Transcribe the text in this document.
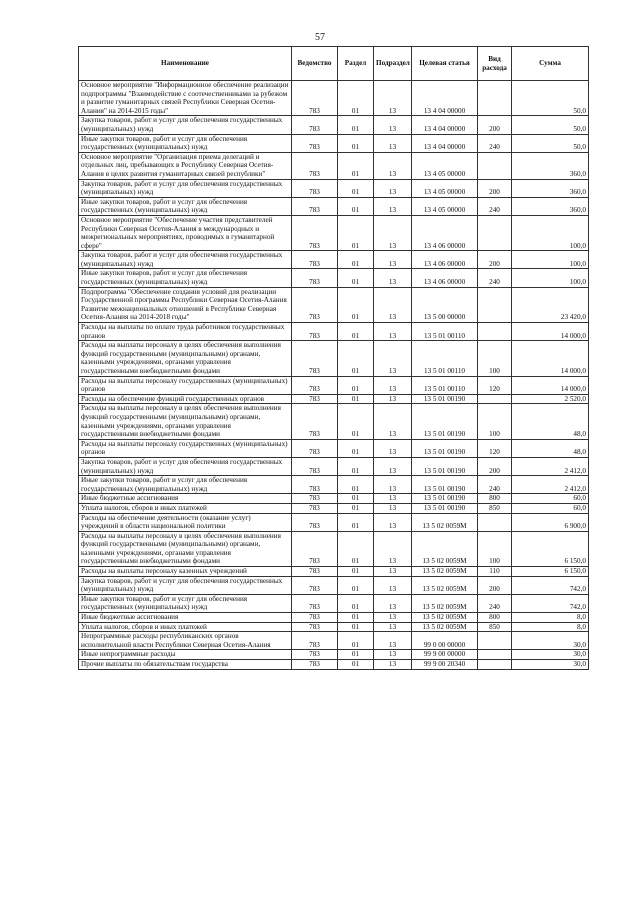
57
Наименование	Ведомство	Раздел	Подраздел	Целевая статья	Вид расхода	Сумма
Основное мероприятие "Информационное обеспечение реализации подпрограммы "Взаимодействие с соотечественниками за рубежом и развитие гуманитарных связей Республики Северная Осетия-Алания" на 2014-2015 годы"	783	01	13	13 4 04 00000		50,0
Закупка товаров, работ и услуг для обеспечения государственных (муниципальных) нужд	783	01	13	13 4 04 00000	200	50,0
Иные закупки товаров, работ и услуг для обеспечения государственных (муниципальных) нужд	783	01	13	13 4 04 00000	240	50,0
Основное мероприятие "Организация приема делегаций и отдельных лиц, пребывающих в Республику Северная Осетия-Алания в целях развития гуманитарных связей республики"	783	01	13	13 4 05 00000		360,0
Закупка товаров, работ и услуг для обеспечения государственных (муниципальных) нужд	783	01	13	13 4 05 00000	200	360,0
Иные закупки товаров, работ и услуг для обеспечения государственных (муниципальных) нужд	783	01	13	13 4 05 00000	240	360,0
Основное мероприятие "Обеспечение участия представителей Республики Северная Осетия-Алания в международных и межрегиональных мероприятиях, проводимых в гуманитарной сфере"	783	01	13	13 4 06 00000		100,0
Закупка товаров, работ и услуг для обеспечения государственных (муниципальных) нужд	783	01	13	13 4 06 00000	200	100,0
Иные закупки товаров, работ и услуг для обеспечения государственных (муниципальных) нужд	783	01	13	13 4 06 00000	240	100,0
Подпрограмма "Обеспечение создания условий для реализации Государственной программы Республики Северная Осетия-Алания Развитие межнациональных отношений в Республике Северная Осетия-Алания на 2014-2018 годы"	783	01	13	13 5 00 00000		23 420,0
Расходы на выплаты по оплате труда работников государственных органов	783	01	13	13 5 01 00110		14 000,0
Расходы на выплаты персоналу в целях обеспечения выполнения функций государственными (муниципальными) органами, казенными учреждениями, органами управления государственными внебюджетными фондами	783	01	13	13 5 01 00110	100	14 000,0
Расходы на выплаты персоналу государственных (муниципальных) органов	783	01	13	13 5 01 00110	120	14 000,0
Расходы на обеспечение функций государственных органов	783	01	13	13 5 01 00190		2 520,0
Расходы на выплаты персоналу в целях обеспечения выполнения функций государственными (муниципальными) органами, казенными учреждениями, органами управления государственными внебюджетными фондами	783	01	13	13 5 01 00190	100	48,0
Расходы на выплаты персоналу государственных (муниципальных) органов	783	01	13	13 5 01 00190	120	48,0
Закупка товаров, работ и услуг для обеспечения государственных (муниципальных) нужд	783	01	13	13 5 01 00190	200	2 412,0
Иные закупки товаров, работ и услуг для обеспечения государственных (муниципальных) нужд	783	01	13	13 5 01 00190	240	2 412,0
Иные бюджетные ассигнования	783	01	13	13 5 01 00190	800	60,0
Уплата налогов, сборов и иных платежей	783	01	13	13 5 01 00190	850	60,0
Расходы на обеспечение деятельности (оказание услуг) учреждений в области национальной политики	783	01	13	13 5 02 0059M		6 900,0
Расходы на выплаты персоналу в целях обеспечения выполнения функций государственными (муниципальными) органами, казенными учреждениями, органами управления государственными внебюджетными фондами	783	01	13	13 5 02 0059M	100	6 150,0
Расходы на выплаты персоналу казенных учреждений	783	01	13	13 5 02 0059M	110	6 150,0
Закупка товаров, работ и услуг для обеспечения государственных (муниципальных) нужд	783	01	13	13 5 02 0059M	200	742,0
Иные закупки товаров, работ и услуг для обеспечения государственных (муниципальных) нужд	783	01	13	13 5 02 0059M	240	742,0
Иные бюджетные ассигнования	783	01	13	13 5 02 0059M	800	8,0
Уплата налогов, сборов и иных платежей	783	01	13	13 5 02 0059M	850	8,0
Непрограммные расходы республиканских органов исполнительной власти Республики Северная Осетия-Алания	783	01	13	99 0 00 00000		30,0
Иные непрограммные расходы	783	01	13	99 9 00 00000		30,0
Прочие выплаты по обязательствам государства	783	01	13	99 9 00 20340		30,0
